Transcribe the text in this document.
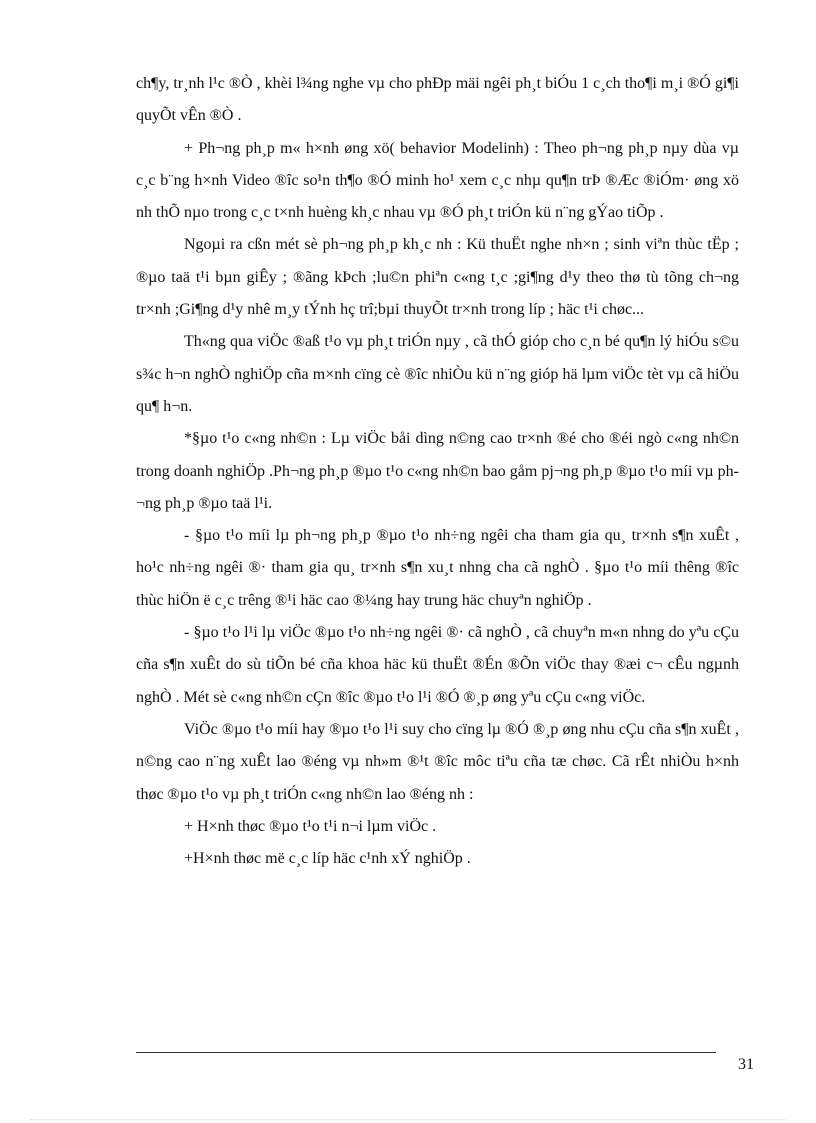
ch¶y, tr¸nh l¹c ®Ò , khèi l¾ng nghe vµ cho phÐp mäi ngêi ph¸t biÓu 1 c¸ch tho¶i m¸i ®Ó gi¶i quyÕt vÊn ®Ò .

+ Ph¬ng ph¸p m« h×nh øng xö( behavior Modelinh) : Theo ph¬ng ph¸p nµy dùa vµ c¸c b¨ng h×nh Video ®îc so¹n th¶o ®Ó minh ho¹ xem c¸c nhµ qu¶n trÞ ®Æc ®iÓm· øng xö nh thÕ nµo trong c¸c t×nh huèng kh¸c nhau vµ ®Ó ph¸t triÓn kü n¨ng gÝao tiÕp .

Ngoµi ra cßn mét sè ph¬ng ph¸p kh¸c nh : Kü thuËt nghe nh×n ; sinh viªn thùc tËp ; ®µo taä t¹i bµn giÊy ; ®ãng kÞch ;lu©n phiªn c«ng t¸c ;gi¶ng d¹y theo thø tù tõng ch¬ng tr×nh ;Gi¶ng d¹y nhê m¸y tÝnh hç trî;bµi thuyÕt tr×nh trong líp ; häc t¹i chøc...

Th«ng qua viÖc ®aß t¹o vµ ph¸t triÓn nµy , cã thÓ gióp cho c¸n bé qu¶n lý hiÓu s©u s¾c h¬n nghÒ nghiÖp cña m×nh cïng cè ®îc nhiÒu kü n¨ng gióp hä lµm viÖc tèt vµ cã hiÖu qu¶ h¬n.

*§µo t¹o c«ng nh©n : Lµ viÖc båi dìng n©ng cao tr×nh ®é cho ®éi ngò c«ng nh©n trong doanh nghiÖp .Ph¬ng ph¸p ®µo t¹o c«ng nh©n bao gåm pj¬ng ph¸p ®µo t¹o míi vµ ph¬ng ph¸p ®µo taä l¹i.

- §µo t¹o míi lµ ph¬ng ph¸p ®µo t¹o nh÷ng ngêi cha tham gia qu¸ tr×nh s¶n xuÊt , ho¹c nh÷ng ngêi ®· tham gia qu¸ tr×nh s¶n xu¸t nhng cha cã nghÒ . §µo t¹o míi thêng ®îc thùc hiÖn ë c¸c trêng ®¹i häc cao ®¼ng hay trung häc chuyªn nghiÖp .

- §µo t¹o l¹i lµ viÖc ®µo t¹o nh÷ng ngêi ®· cã nghÒ , cã chuyªn m«n nhng do yªu cÇu cña s¶n xuÊt do sù tiÕn bé cña khoa häc kü thuËt ®Én ®Õn viÖc thay ®æi c¬ cÊu ngµnh nghÒ . Mét sè c«ng nh©n cÇn ®îc ®µo t¹o l¹i ®Ó ®¸p øng yªu cÇu c«ng viÖc.

ViÖc ®µo t¹o míi hay ®µo t¹o l¹i suy cho cïng lµ ®Ó ®¸p øng nhu cÇu cña s¶n xuÊt , n©ng cao n¨ng xuÊt lao ®éng vµ nh»m ®¹t ®îc môc tiªu cña tæ chøc. Cã rÊt nhiÒu h×nh thøc ®µo t¹o vµ ph¸t triÓn c«ng nh©n lao ®éng nh :

+ H×nh thøc ®µo t¹o t¹i n¬i lµm viÖc .

+H×nh thøc më c¸c líp häc c¹nh xÝ nghiÖp .

31
